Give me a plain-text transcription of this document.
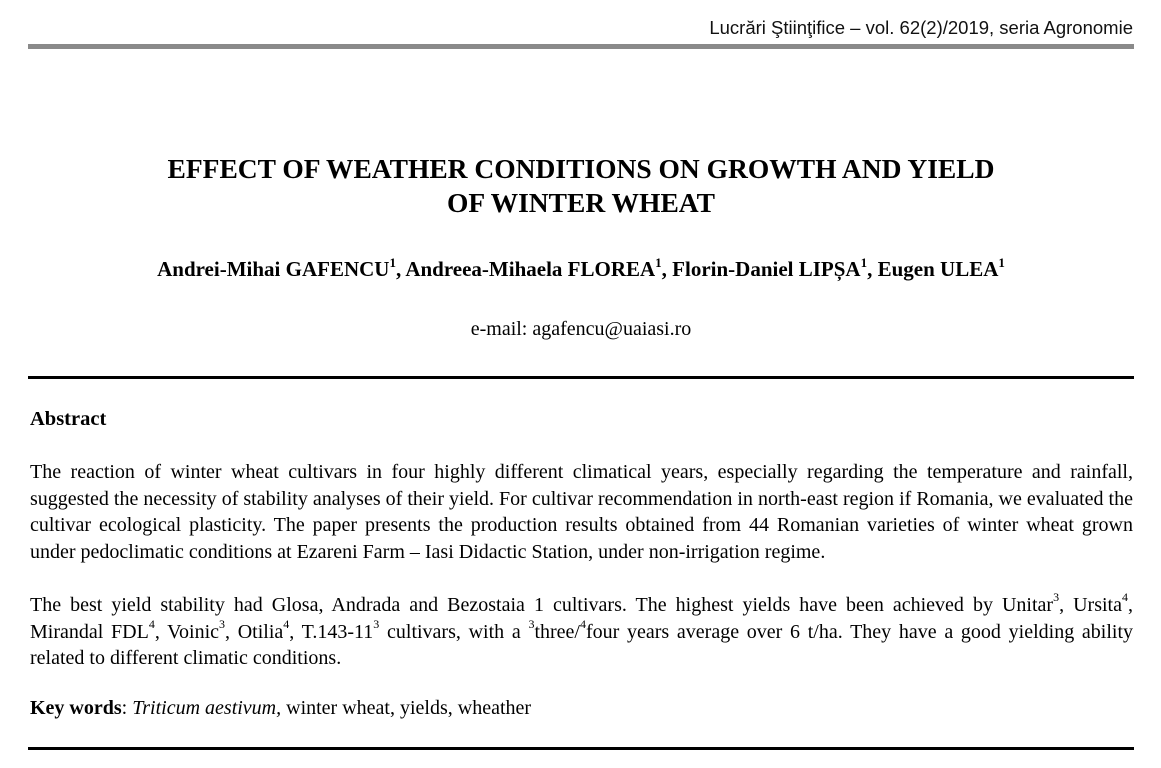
Lucrări Ştiinţifice – vol. 62(2)/2019, seria Agronomie
EFFECT OF WEATHER CONDITIONS ON GROWTH AND YIELD
OF WINTER WHEAT
Andrei-Mihai GAFENCU$^1$, Andreea-Mihaela FLOREA$^1$, Florin-Daniel LIPȘA$^1$, Eugen ULEA$^1$
e-mail: agafencu@uaiasi.ro
Abstract

The reaction of winter wheat cultivars in four highly different climatical years, especially regarding the temperature and rainfall, suggested the necessity of stability analyses of their yield. For cultivar recommendation in north-east region if Romania, we evaluated the cultivar ecological plasticity. The paper presents the production results obtained from 44 Romanian varieties of winter wheat grown under pedoclimatic conditions at Ezareni Farm – Iasi Didactic Station, under non-irrigation regime.

The best yield stability had Glosa, Andrada and Bezostaia 1 cultivars. The highest yields have been achieved by Unitar$^3$, Ursita$^4$, Mirandal FDL$^4$, Voinic$^3$, Otilia$^4$, $T.143-11^3$ cultivars, with a $^3$three/$^4$four years average over 6 t/ha. They have a good yielding ability related to different climatic conditions.

Key words: Triticum aestivum, winter wheat, yields, wheather
